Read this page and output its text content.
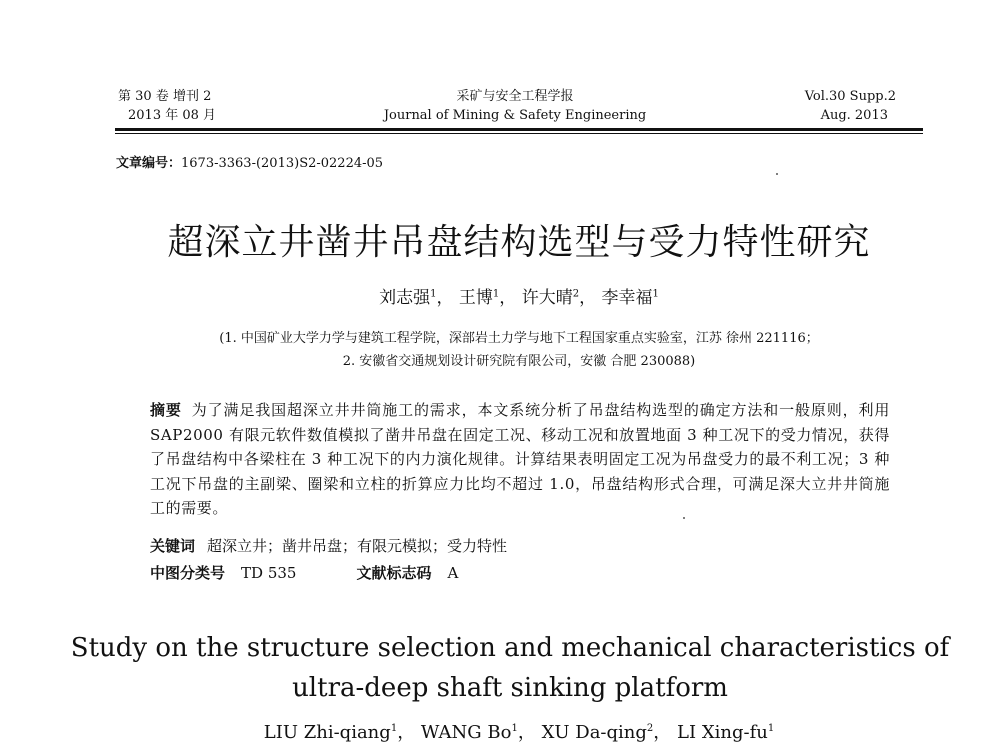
第 30 卷 增刊 2
2013 年 08 月
采矿与安全工程学报
Journal of Mining & Safety Engineering
Vol.30 Supp.2
Aug. 2013
文章编号：1673-3363-(2013)S2-02224-05
超深立井凿井吊盘结构选型与受力特性研究
刘志强$^1$， 王博$^1$， 许大晴$^2$， 李幸福$^1$
(1. 中国矿业大学力学与建筑工程学院，深部岩土力学与地下工程国家重点实验室，江苏 徐州 221116；
2. 安徽省交通规划设计研究院有限公司，安徽 合肥 230088)
摘要 为了满足我国超深立井井筒施工的需求，本文系统分析了吊盘结构选型的确定方法和一般原则，利用 SAP2000 有限元软件数值模拟了凿井吊盘在固定工况、移动工况和放置地面 3 种工况下的受力情况，获得了吊盘结构中各梁柱在 3 种工况下的内力演化规律。计算结果表明固定工况为吊盘受力的最不利工况；3 种工况下吊盘的主副梁、圈梁和立柱的折算应力比均不超过 1.0，吊盘结构形式合理，可满足深大立井井筒施工的需要。
关键词 超深立井；凿井吊盘；有限元模拟；受力特性
中图分类号 TD 535	文献标志码 A
Study on the structure selection and mechanical characteristics of ultra-deep shaft sinking platform
LIU Zhi-qiang$^1$， WANG Bo$^1$， XU Da-qing$^2$， LI Xing-$fu^1$
